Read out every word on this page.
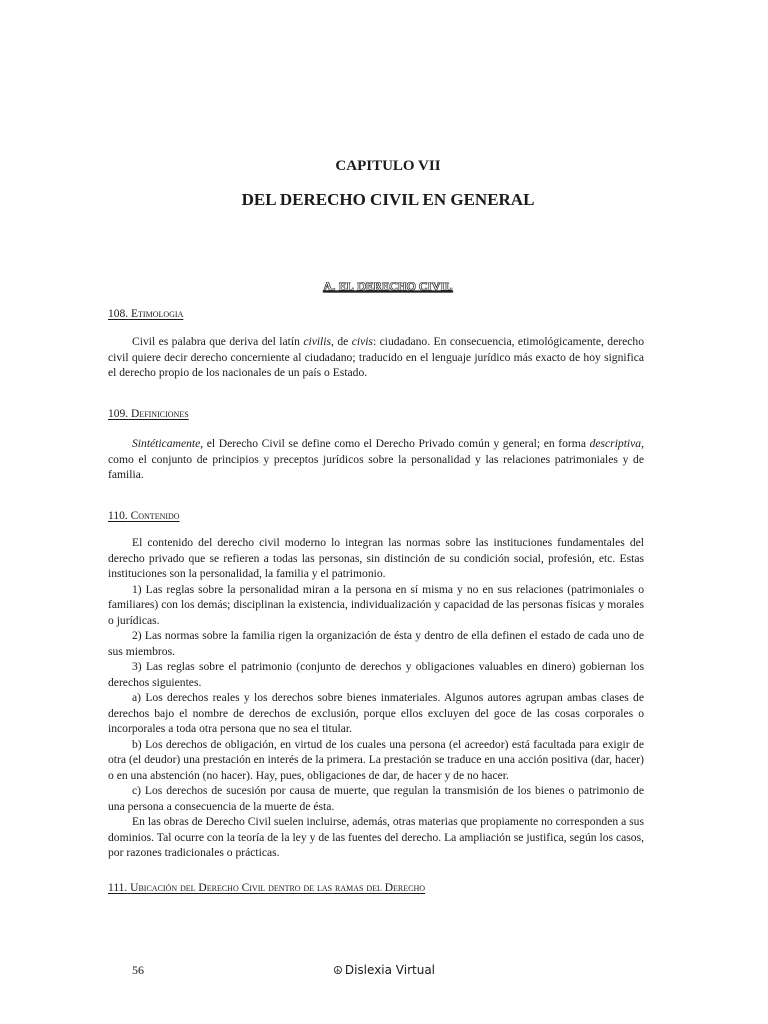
CAPITULO VII
DEL DERECHO CIVIL EN GENERAL
A. EL DERECHO CIVIL
108. Etimologia

Civil es palabra que deriva del latín civilis, de civis: ciudadano. En consecuencia, etimológicamente, derecho civil quiere decir derecho concerniente al ciudadano; traducido en el lenguaje jurídico más exacto de hoy significa el derecho propio de los nacionales de un país o Estado.

109. Definiciones

Sintéticamente, el Derecho Civil se define como el Derecho Privado común y general; en forma descriptiva, como el conjunto de principios y preceptos jurídicos sobre la personalidad y las relaciones patrimoniales y de familia.

110. Contenido

El contenido del derecho civil moderno lo integran las normas sobre las instituciones fundamentales del derecho privado que se refieren a todas las personas, sin distinción de su condición social, profesión, etc. Estas instituciones son la personalidad, la familia y el patrimonio.

1) Las reglas sobre la personalidad miran a la persona en sí misma y no en sus relaciones (patrimoniales o familiares) con los demás; disciplinan la existencia, individualización y capacidad de las personas físicas y morales o jurídicas.

2) Las normas sobre la familia rigen la organización de ésta y dentro de ella definen el estado de cada uno de sus miembros.

3) Las reglas sobre el patrimonio (conjunto de derechos y obligaciones valuables en dinero) gobiernan los derechos siguientes.

a) Los derechos reales y los derechos sobre bienes inmateriales. Algunos autores agrupan ambas clases de derechos bajo el nombre de derechos de exclusión, porque ellos excluyen del goce de las cosas corporales o incorporales a toda otra persona que no sea el titular.

b) Los derechos de obligación, en virtud de los cuales una persona (el acreedor) está facultada para exigir de otra (el deudor) una prestación en interés de la primera. La prestación se traduce en una acción positiva (dar, hacer) o en una abstención (no hacer). Hay, pues, obligaciones de dar, de hacer y de no hacer.

c) Los derechos de sucesión por causa de muerte, que regulan la transmisión de los bienes o patrimonio de una persona a consecuencia de la muerte de ésta.

En las obras de Derecho Civil suelen incluirse, además, otras materias que propiamente no corresponden a sus dominios. Tal ocurre con la teoría de la ley y de las fuentes del derecho. La ampliación se justifica, según los casos, por razones tradicionales o prácticas.

111. Ubicación del Derecho Civil dentro de las ramas del Derecho
56	☮ Dislexia Virtual
